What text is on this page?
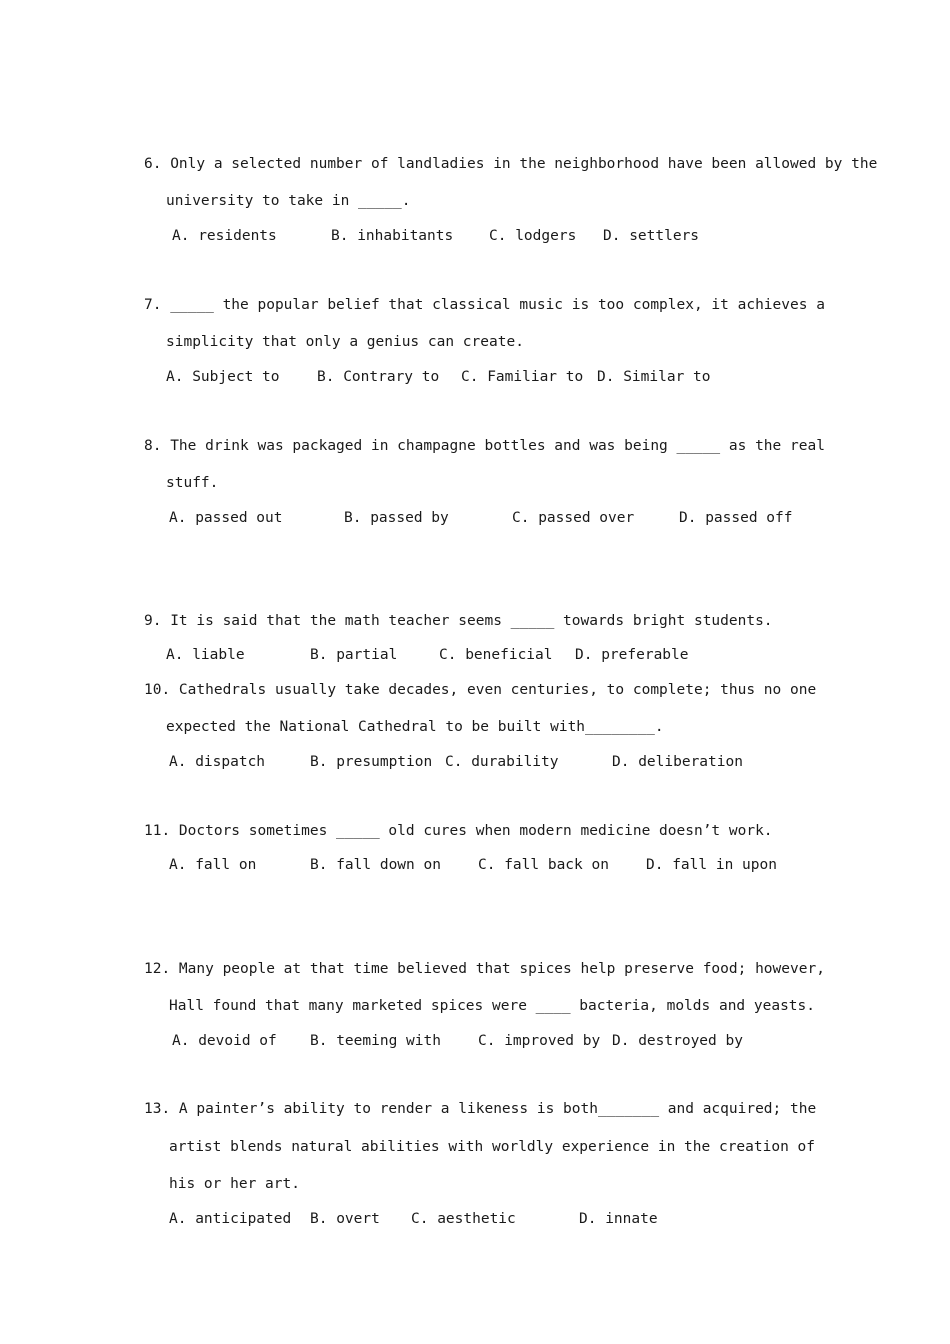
6. Only a selected number of landladies in the neighborhood have been allowed by the
university to take in _____.

A. residents

	B. inhabitants

C. lodgers

D. settlers

7. _____ the popular belief that classical music is too complex, it achieves a
simplicity that only a genius can create.

A. Subject to

	B. Contrary to

C. Familiar to

D. Similar to

8. The drink was packaged in champagne bottles and was being _____ as the real
stuff.

A. passed out

	B. passed by

	C. passed over

	D. passed off

9. It is said that the math teacher seems _____ towards bright students.

A. liable

	B. partial

	C. beneficial

D. preferable

10. Cathedrals usually take decades, even centuries, to complete; thus no one
expected the National Cathedral to be built with________.

A. dispatch

	B. presumption

C. durability

	D. deliberation

11. Doctors sometimes _____ old cures when modern medicine doesn’t work.

A. fall on

	B. fall down on

	C. fall back on

	D. fall in upon

12. Many people at that time believed that spices help preserve food; however,
Hall found that many marketed spices were ____ bacteria, molds and yeasts.

A. devoid of

B. teeming with

	C. improved by

D. destroyed by

13. A painter’s ability to render a likeness is both_______ and acquired; the
artist blends natural abilities with worldly experience in the creation of
his or her art.

A. anticipated

B. overt

C. aesthetic

	D. innate
